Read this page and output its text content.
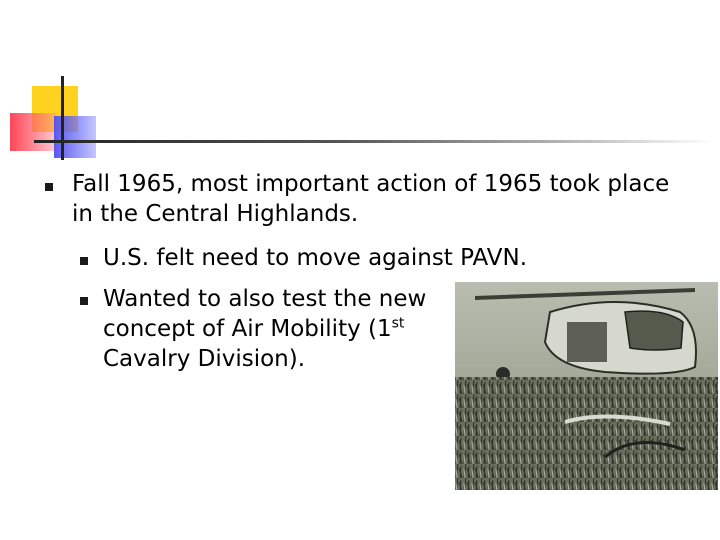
Fall 1965, most important action of 1965 took place in the Central Highlands.
U.S. felt need to move against PAVN.
Wanted to also test the new concept of Air Mobility (1st Cavalry Division).
